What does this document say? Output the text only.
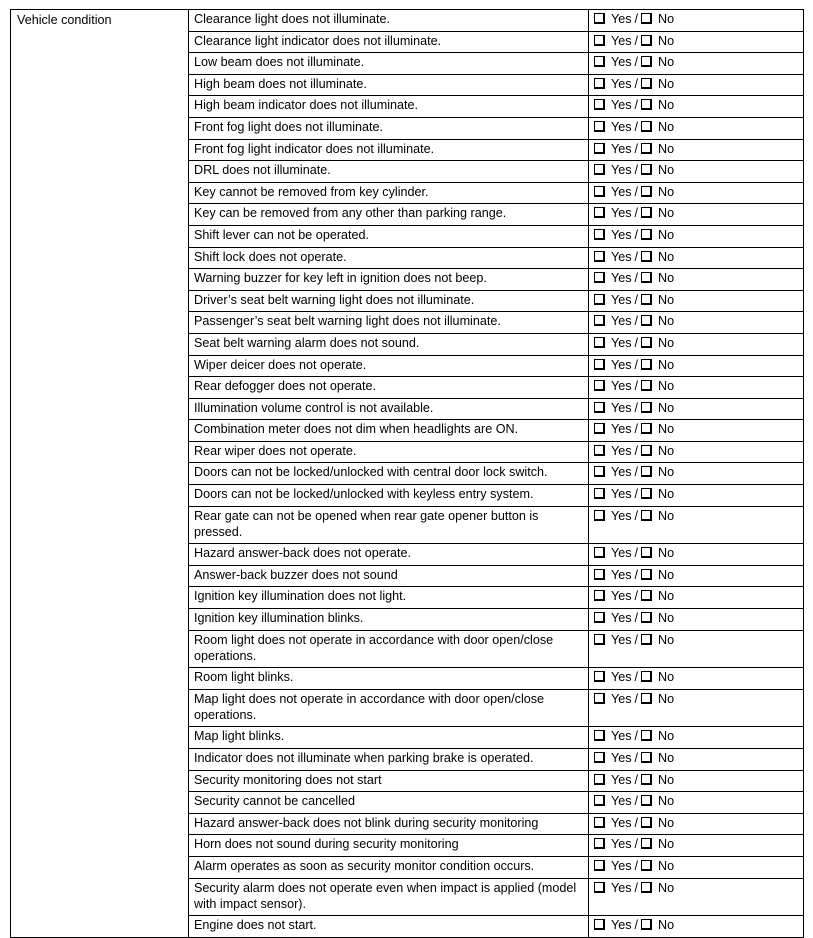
Vehicle condition	Clearance light does not illuminate.	Yes / No
	Clearance light indicator does not illuminate.	Yes / No
	Low beam does not illuminate.	Yes / No
	High beam does not illuminate.	Yes / No
	High beam indicator does not illuminate.	Yes / No
	Front fog light does not illuminate.	Yes / No
	Front fog light indicator does not illuminate.	Yes / No
	DRL does not illuminate.	Yes / No
	Key cannot be removed from key cylinder.	Yes / No
	Key can be removed from any other than parking range.	Yes / No
	Shift lever can not be operated.	Yes / No
	Shift lock does not operate.	Yes / No
	Warning buzzer for key left in ignition does not beep.	Yes / No
	Driver’s seat belt warning light does not illuminate.	Yes / No
	Passenger’s seat belt warning light does not illuminate.	Yes / No
	Seat belt warning alarm does not sound.	Yes / No
	Wiper deicer does not operate.	Yes / No
	Rear defogger does not operate.	Yes / No
	Illumination volume control is not available.	Yes / No
	Combination meter does not dim when headlights are ON.	Yes / No
	Rear wiper does not operate.	Yes / No
	Doors can not be locked/unlocked with central door lock switch.	Yes / No
	Doors can not be locked/unlocked with keyless entry system.	Yes / No
	Rear gate can not be opened when rear gate opener button is pressed.	Yes / No
	Hazard answer-back does not operate.	Yes / No
	Answer-back buzzer does not sound	Yes / No
	Ignition key illumination does not light.	Yes / No
	Ignition key illumination blinks.	Yes / No
	Room light does not operate in accordance with door open/close operations.	Yes / No
	Room light blinks.	Yes / No
	Map light does not operate in accordance with door open/close operations.	Yes / No
	Map light blinks.	Yes / No
	Indicator does not illuminate when parking brake is operated.	Yes / No
	Security monitoring does not start	Yes / No
	Security cannot be cancelled	Yes / No
	Hazard answer-back does not blink during security monitoring	Yes / No
	Horn does not sound during security monitoring	Yes / No
	Alarm operates as soon as security monitor condition occurs.	Yes / No
	Security alarm does not operate even when impact is applied (model with impact sensor).	Yes / No
	Engine does not start.	Yes / No
